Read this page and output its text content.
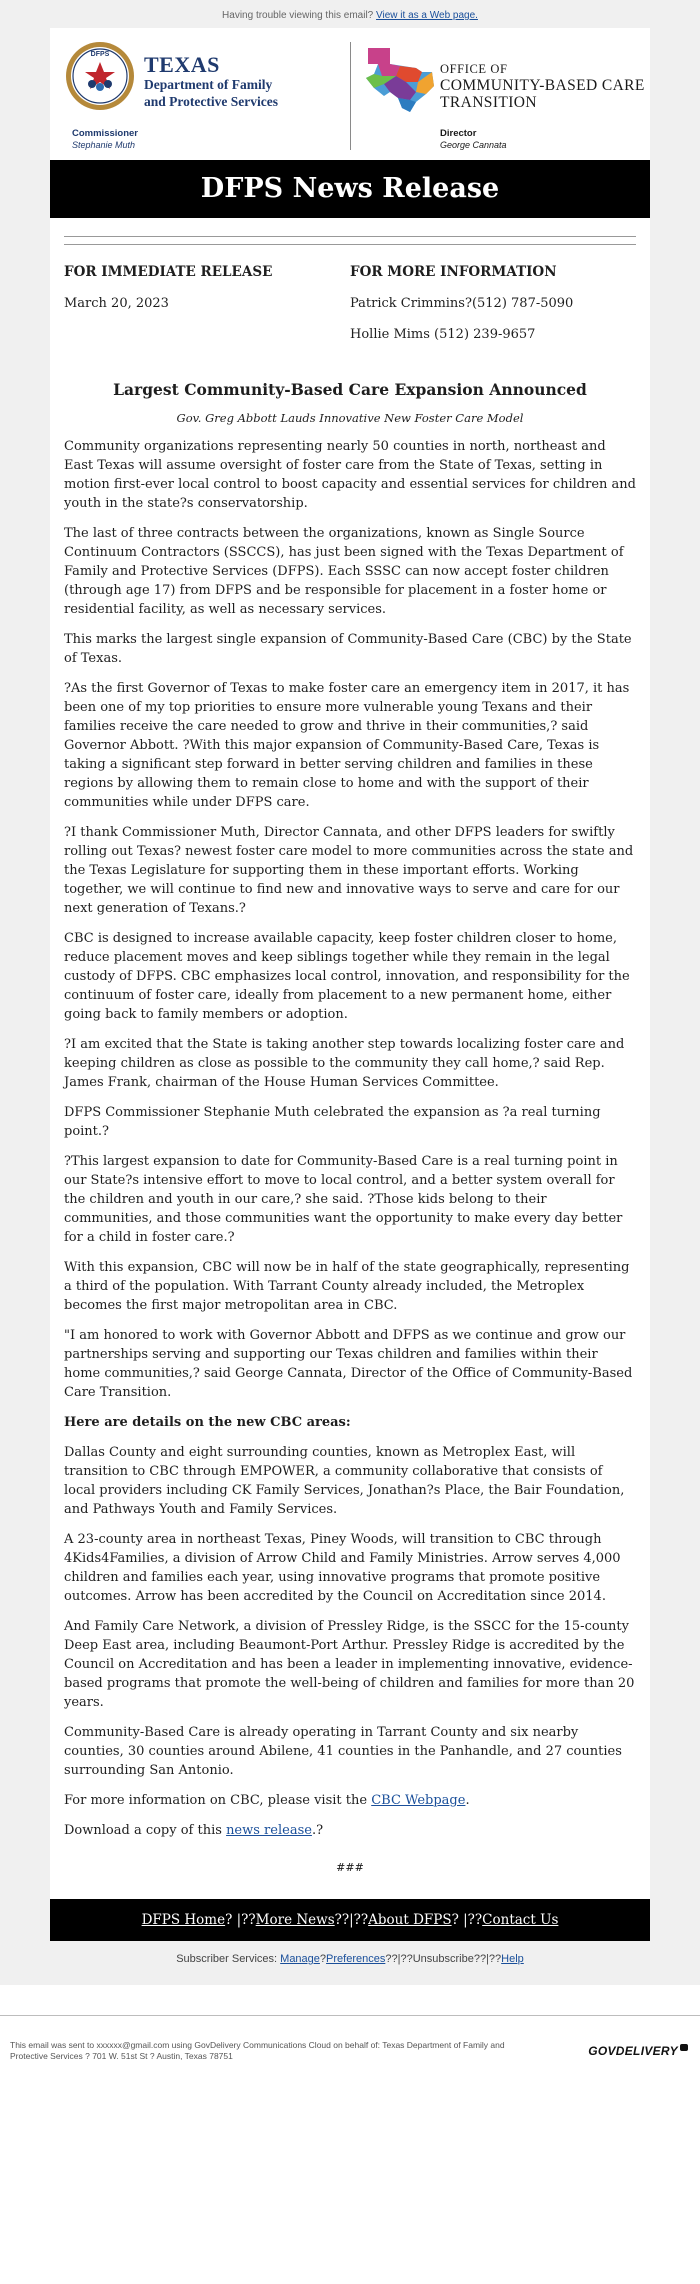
Having trouble viewing this email? View it as a Web page.
DFPS TEXAS
Department of Family
and Protective Services
Commissioner
Stephanie Muth
OFFICE OF
COMMUNITY-BASED CARE
TRANSITION
Director
George Cannata
DFPS News Release
FOR IMMEDIATE RELEASE
March 20, 2023
FOR MORE INFORMATION
Patrick Crimmins?(512) 787-5090
Hollie Mims (512) 239-9657
Largest Community-Based Care Expansion Announced
Gov. Greg Abbott Lauds Innovative New Foster Care Model

Community organizations representing nearly 50 counties in north, northeast and East Texas will assume oversight of foster care from the State of Texas, setting in motion first-ever local control to boost capacity and essential services for children and youth in the state?s conservatorship.

The last of three contracts between the organizations, known as Single Source Continuum Contractors (SSCCS), has just been signed with the Texas Department of Family and Protective Services (DFPS). Each SSSC can now accept foster children (through age 17) from DFPS and be responsible for placement in a foster home or residential facility, as well as necessary services.

This marks the largest single expansion of Community-Based Care (CBC) by the State of Texas.

?As the first Governor of Texas to make foster care an emergency item in 2017, it has been one of my top priorities to ensure more vulnerable young Texans and their families receive the care needed to grow and thrive in their communities,? said Governor Abbott. ?With this major expansion of Community-Based Care, Texas is taking a significant step forward in better serving children and families in these regions by allowing them to remain close to home and with the support of their communities while under DFPS care.

?I thank Commissioner Muth, Director Cannata, and other DFPS leaders for swiftly rolling out Texas? newest foster care model to more communities across the state and the Texas Legislature for supporting them in these important efforts. Working together, we will continue to find new and innovative ways to serve and care for our next generation of Texans.?

CBC is designed to increase available capacity, keep foster children closer to home, reduce placement moves and keep siblings together while they remain in the legal custody of DFPS. CBC emphasizes local control, innovation, and responsibility for the continuum of foster care, ideally from placement to a new permanent home, either going back to family members or adoption.

?I am excited that the State is taking another step towards localizing foster care and keeping children as close as possible to the community they call home,? said Rep. James Frank, chairman of the House Human Services Committee.

DFPS Commissioner Stephanie Muth celebrated the expansion as ?a real turning point.?

?This largest expansion to date for Community-Based Care is a real turning point in our State?s intensive effort to move to local control, and a better system overall for the children and youth in our care,? she said. ?Those kids belong to their communities, and those communities want the opportunity to make every day better for a child in foster care.?

With this expansion, CBC will now be in half of the state geographically, representing a third of the population. With Tarrant County already included, the Metroplex becomes the first major metropolitan area in CBC.

"I am honored to work with Governor Abbott and DFPS as we continue and grow our partnerships serving and supporting our Texas children and families within their home communities,? said George Cannata, Director of the Office of Community-Based Care Transition.

Here are details on the new CBC areas:

Dallas County and eight surrounding counties, known as Metroplex East, will transition to CBC through EMPOWER, a community collaborative that consists of local providers including CK Family Services, Jonathan?s Place, the Bair Foundation, and Pathways Youth and Family Services.

A 23-county area in northeast Texas, Piney Woods, will transition to CBC through 4Kids4Families, a division of Arrow Child and Family Ministries. Arrow serves 4,000 children and families each year, using innovative programs that promote positive outcomes. Arrow has been accredited by the Council on Accreditation since 2014.

And Family Care Network, a division of Pressley Ridge, is the SSCC for the 15-county Deep East area, including Beaumont-Port Arthur. Pressley Ridge is accredited by the Council on Accreditation and has been a leader in implementing innovative, evidence-based programs that promote the well-being of children and families for more than 20 years.

Community-Based Care is already operating in Tarrant County and six nearby counties, 30 counties around Abilene, 41 counties in the Panhandle, and 27 counties surrounding San Antonio.

For more information on CBC, please visit the CBC Webpage.

Download a copy of this news release.?

###
DFPS Home? |??More News??|??About DFPS? |??Contact Us
Subscriber Services: Manage?Preferences??|??Unsubscribe??|??Help
This email was sent to xxxxxx@gmail.com using GovDelivery Communications Cloud on behalf of: Texas Department of Family and Protective Services ? 701 W. 51st St ? Austin, Texas 78751	GOVDELIVERY
